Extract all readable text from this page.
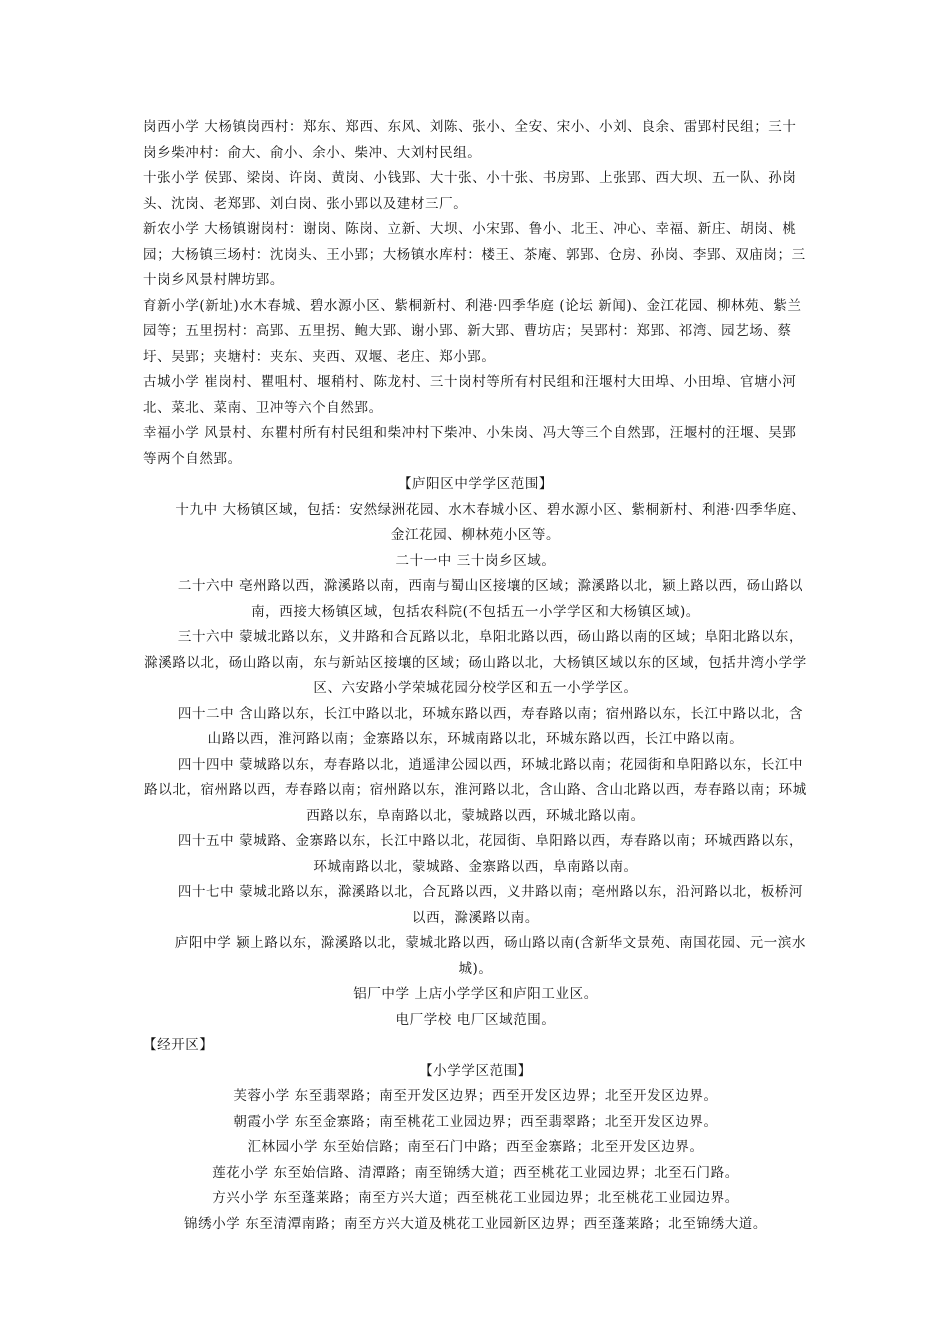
岗西小学 大杨镇岗西村：郑东、郑西、东风、刘陈、张小、全安、宋小、小刘、良余、雷郢村民组；三十岗乡柴冲村：俞大、俞小、余小、柴冲、大刘村民组。

十张小学 侯郢、梁岗、许岗、黄岗、小钱郢、大十张、小十张、书房郢、上张郢、西大坝、五一队、孙岗头、沈岗、老郑郢、刘白岗、张小郢以及建材三厂。

新农小学 大杨镇谢岗村：谢岗、陈岗、立新、大坝、小宋郢、鲁小、北王、冲心、幸福、新庄、胡岗、桃园；大杨镇三场村：沈岗头、王小郢；大杨镇水库村：楼王、茶庵、郭郢、仓房、孙岗、李郢、双庙岗；三十岗乡风景村牌坊郢。

育新小学(新址)水木春城、碧水源小区、紫桐新村、利港·四季华庭 (论坛 新闻)、金江花园、柳林苑、紫兰园等；五里拐村：高郢、五里拐、鲍大郢、谢小郢、新大郢、曹坊店；吴郢村：郑郢、祁湾、园艺场、蔡圩、吴郢；夹塘村：夹东、夹西、双堰、老庄、郑小郢。

古城小学 崔岗村、瞿咀村、堰稍村、陈龙村、三十岗村等所有村民组和汪堰村大田埠、小田埠、官塘小河北、菜北、菜南、卫冲等六个自然郢。

幸福小学 风景村、东瞿村所有村民组和柴冲村下柴冲、小朱岗、冯大等三个自然郢，汪堰村的汪堰、吴郢等两个自然郢。

【庐阳区中学学区范围】

十九中 大杨镇区域，包括：安然绿洲花园、水木春城小区、碧水源小区、紫桐新村、利港·四季华庭、金江花园、柳林苑小区等。

二十一中 三十岗乡区域。

二十六中 亳州路以西，滁溪路以南，西南与蜀山区接壤的区域；滁溪路以北，颍上路以西，砀山路以南，西接大杨镇区域，包括农科院(不包括五一小学学区和大杨镇区域)。

三十六中 蒙城北路以东，义井路和合瓦路以北，阜阳北路以西，砀山路以南的区域；阜阳北路以东，滁溪路以北，砀山路以南，东与新站区接壤的区域；砀山路以北，大杨镇区域以东的区域，包括井湾小学学区、六安路小学荣城花园分校学区和五一小学学区。

四十二中 含山路以东，长江中路以北，环城东路以西，寿春路以南；宿州路以东，长江中路以北，含山路以西，淮河路以南；金寨路以东，环城南路以北，环城东路以西，长江中路以南。

四十四中 蒙城路以东，寿春路以北，逍遥津公园以西，环城北路以南；花园街和阜阳路以东，长江中路以北，宿州路以西，寿春路以南；宿州路以东，淮河路以北，含山路、含山北路以西，寿春路以南；环城西路以东，阜南路以北，蒙城路以西，环城北路以南。

四十五中 蒙城路、金寨路以东，长江中路以北，花园街、阜阳路以西，寿春路以南；环城西路以东，环城南路以北，蒙城路、金寨路以西，阜南路以南。

四十七中 蒙城北路以东，滁溪路以北，合瓦路以西，义井路以南；亳州路以东，沿河路以北，板桥河以西，滁溪路以南。

庐阳中学 颍上路以东，滁溪路以北，蒙城北路以西，砀山路以南(含新华文景苑、南国花园、元一滨水城)。

铝厂中学 上店小学学区和庐阳工业区。

电厂学校 电厂区域范围。

【经开区】

【小学学区范围】

芙蓉小学 东至翡翠路；南至开发区边界；西至开发区边界；北至开发区边界。

朝霞小学 东至金寨路；南至桃花工业园边界；西至翡翠路；北至开发区边界。

汇林园小学 东至始信路；南至石门中路；西至金寨路；北至开发区边界。

莲花小学 东至始信路、清潭路；南至锦绣大道；西至桃花工业园边界；北至石门路。

方兴小学 东至蓬莱路；南至方兴大道；西至桃花工业园边界；北至桃花工业园边界。

锦绣小学 东至清潭南路；南至方兴大道及桃花工业园新区边界；西至蓬莱路；北至锦绣大道。
